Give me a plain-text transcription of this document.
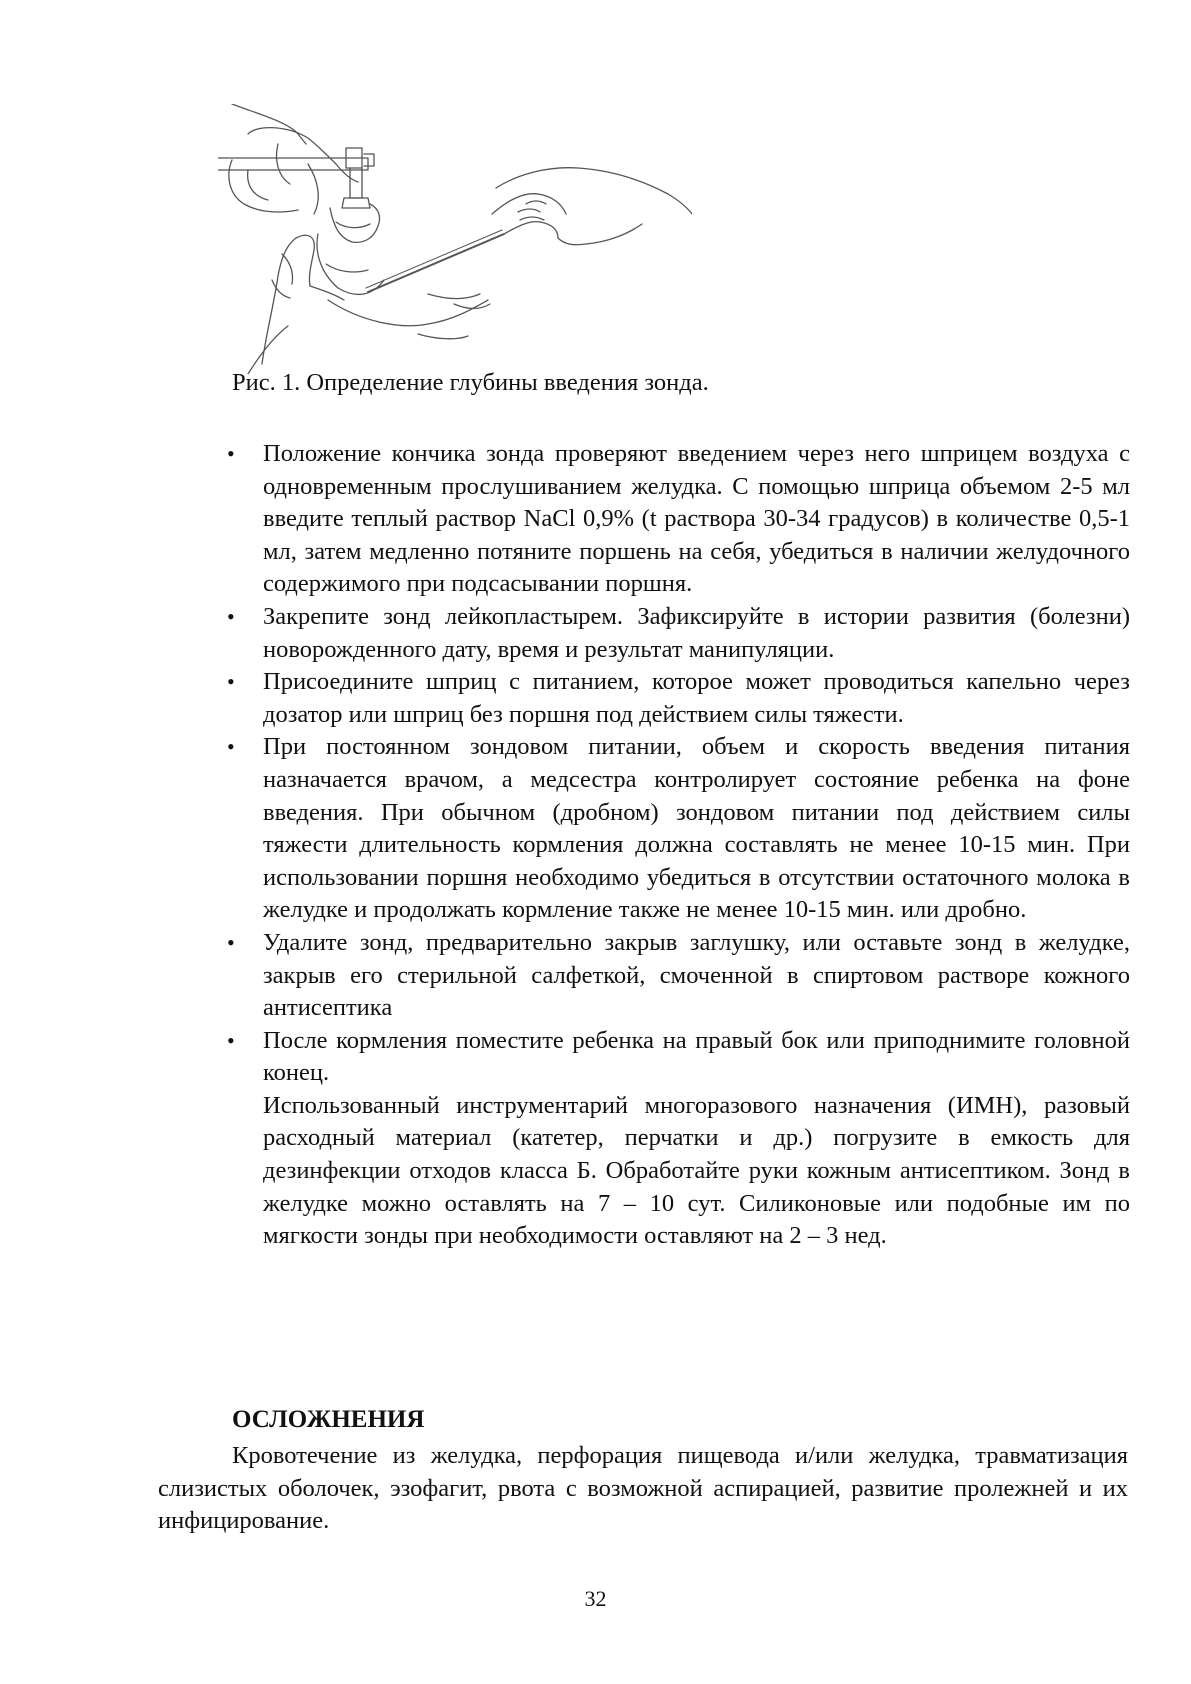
Рис. 1. Определение глубины введения зонда.
•	Положение кончика зонда проверяют введением через него шприцем воздуха с одновременным прослушиванием желудка. С помощью шприца объемом 2-5 мл введите теплый раствор NaCl 0,9% (t раствора 30-34 градусов) в количестве 0,5-1 мл, затем медленно потяните поршень на себя, убедиться в наличии желудочного содержимого при подсасывании поршня.
•	Закрепите зонд лейкопластырем. Зафиксируйте в истории развития (болезни) новорожденного дату, время и результат манипуляции.
•	Присоедините шприц с питанием, которое может проводиться капельно через дозатор или шприц без поршня под действием силы тяжести.
•	При постоянном зондовом питании, объем и скорость введения питания назначается врачом, а медсестра контролирует состояние ребенка на фоне введения. При обычном (дробном) зондовом питании под действием силы тяжести длительность кормления должна составлять не менее 10-15 мин. При использовании поршня необходимо убедиться в отсутствии остаточного молока в желудке и продолжать кормление также не менее 10-15 мин. или дробно.
•	Удалите зонд, предварительно закрыв заглушку, или оставьте зонд в желудке, закрыв его стерильной салфеткой, смоченной в спиртовом растворе кожного антисептика
•	После кормления поместите ребенка на правый бок или приподнимите головной конец.
Использованный инструментарий многоразового назначения (ИМН), разовый расходный материал (катетер, перчатки и др.) погрузите в емкость для дезинфекции отходов класса Б. Обработайте руки кожным антисептиком. Зонд в желудке можно оставлять на 7 – 10 сут. Силиконовые или подобные им по мягкости зонды при необходимости оставляют на 2 – 3 нед.
ОСЛОЖНЕНИЯ
Кровотечение из желудка, перфорация пищевода и/или желудка, травматизация слизистых оболочек, эзофагит, рвота с возможной аспирацией, развитие пролежней и их инфицирование.
32
